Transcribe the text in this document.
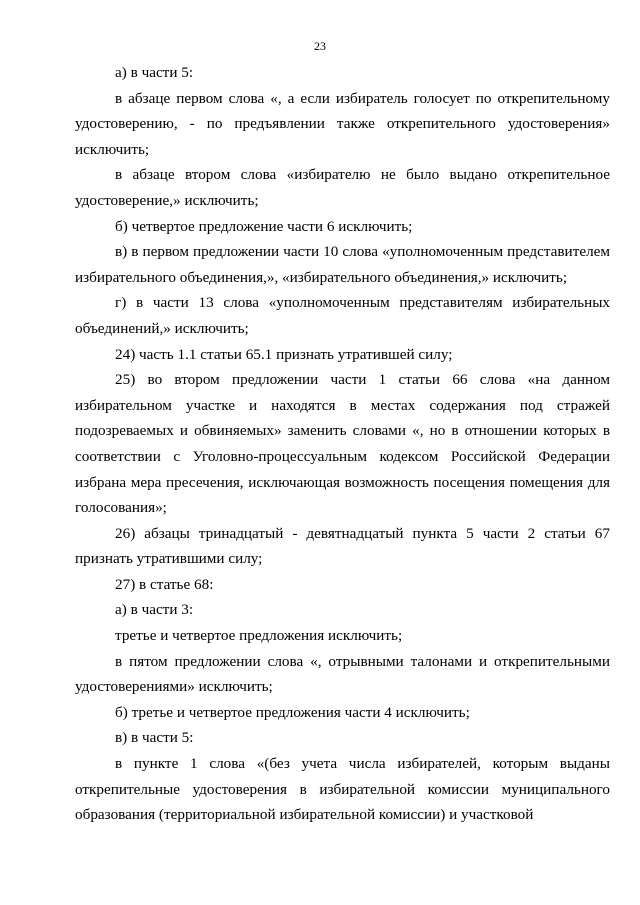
23

а) в части 5:

в абзаце первом слова «, а если избиратель голосует по открепительному удостоверению, - по предъявлении также открепительного удостоверения» исключить;

в абзаце втором слова «избирателю не было выдано открепительное удостоверение,» исключить;

б) четвертое предложение части 6 исключить;

в) в первом предложении части 10 слова «уполномоченным представителем избирательного объединения,», «избирательного объединения,» исключить;

г) в части 13 слова «уполномоченным представителям избирательных объединений,» исключить;

24) часть 1.1 статьи 65.1 признать утратившей силу;

25) во втором предложении части 1 статьи 66 слова «на данном избирательном участке и находятся в местах содержания под стражей подозреваемых и обвиняемых» заменить словами «, но в отношении которых в соответствии с Уголовно-процессуальным кодексом Российской Федерации избрана мера пресечения, исключающая возможность посещения помещения для голосования»;

26) абзацы тринадцатый - девятнадцатый пункта 5 части 2 статьи 67 признать утратившими силу;

27) в статье 68:

а) в части 3:

третье и четвертое предложения исключить;

в пятом предложении слова «, отрывными талонами и открепительными удостоверениями» исключить;

б) третье и четвертое предложения части 4 исключить;

в) в части 5:

в пункте 1 слова «(без учета числа избирателей, которым выданы открепительные удостоверения в избирательной комиссии муниципального образования (территориальной избирательной комиссии) и участковой
